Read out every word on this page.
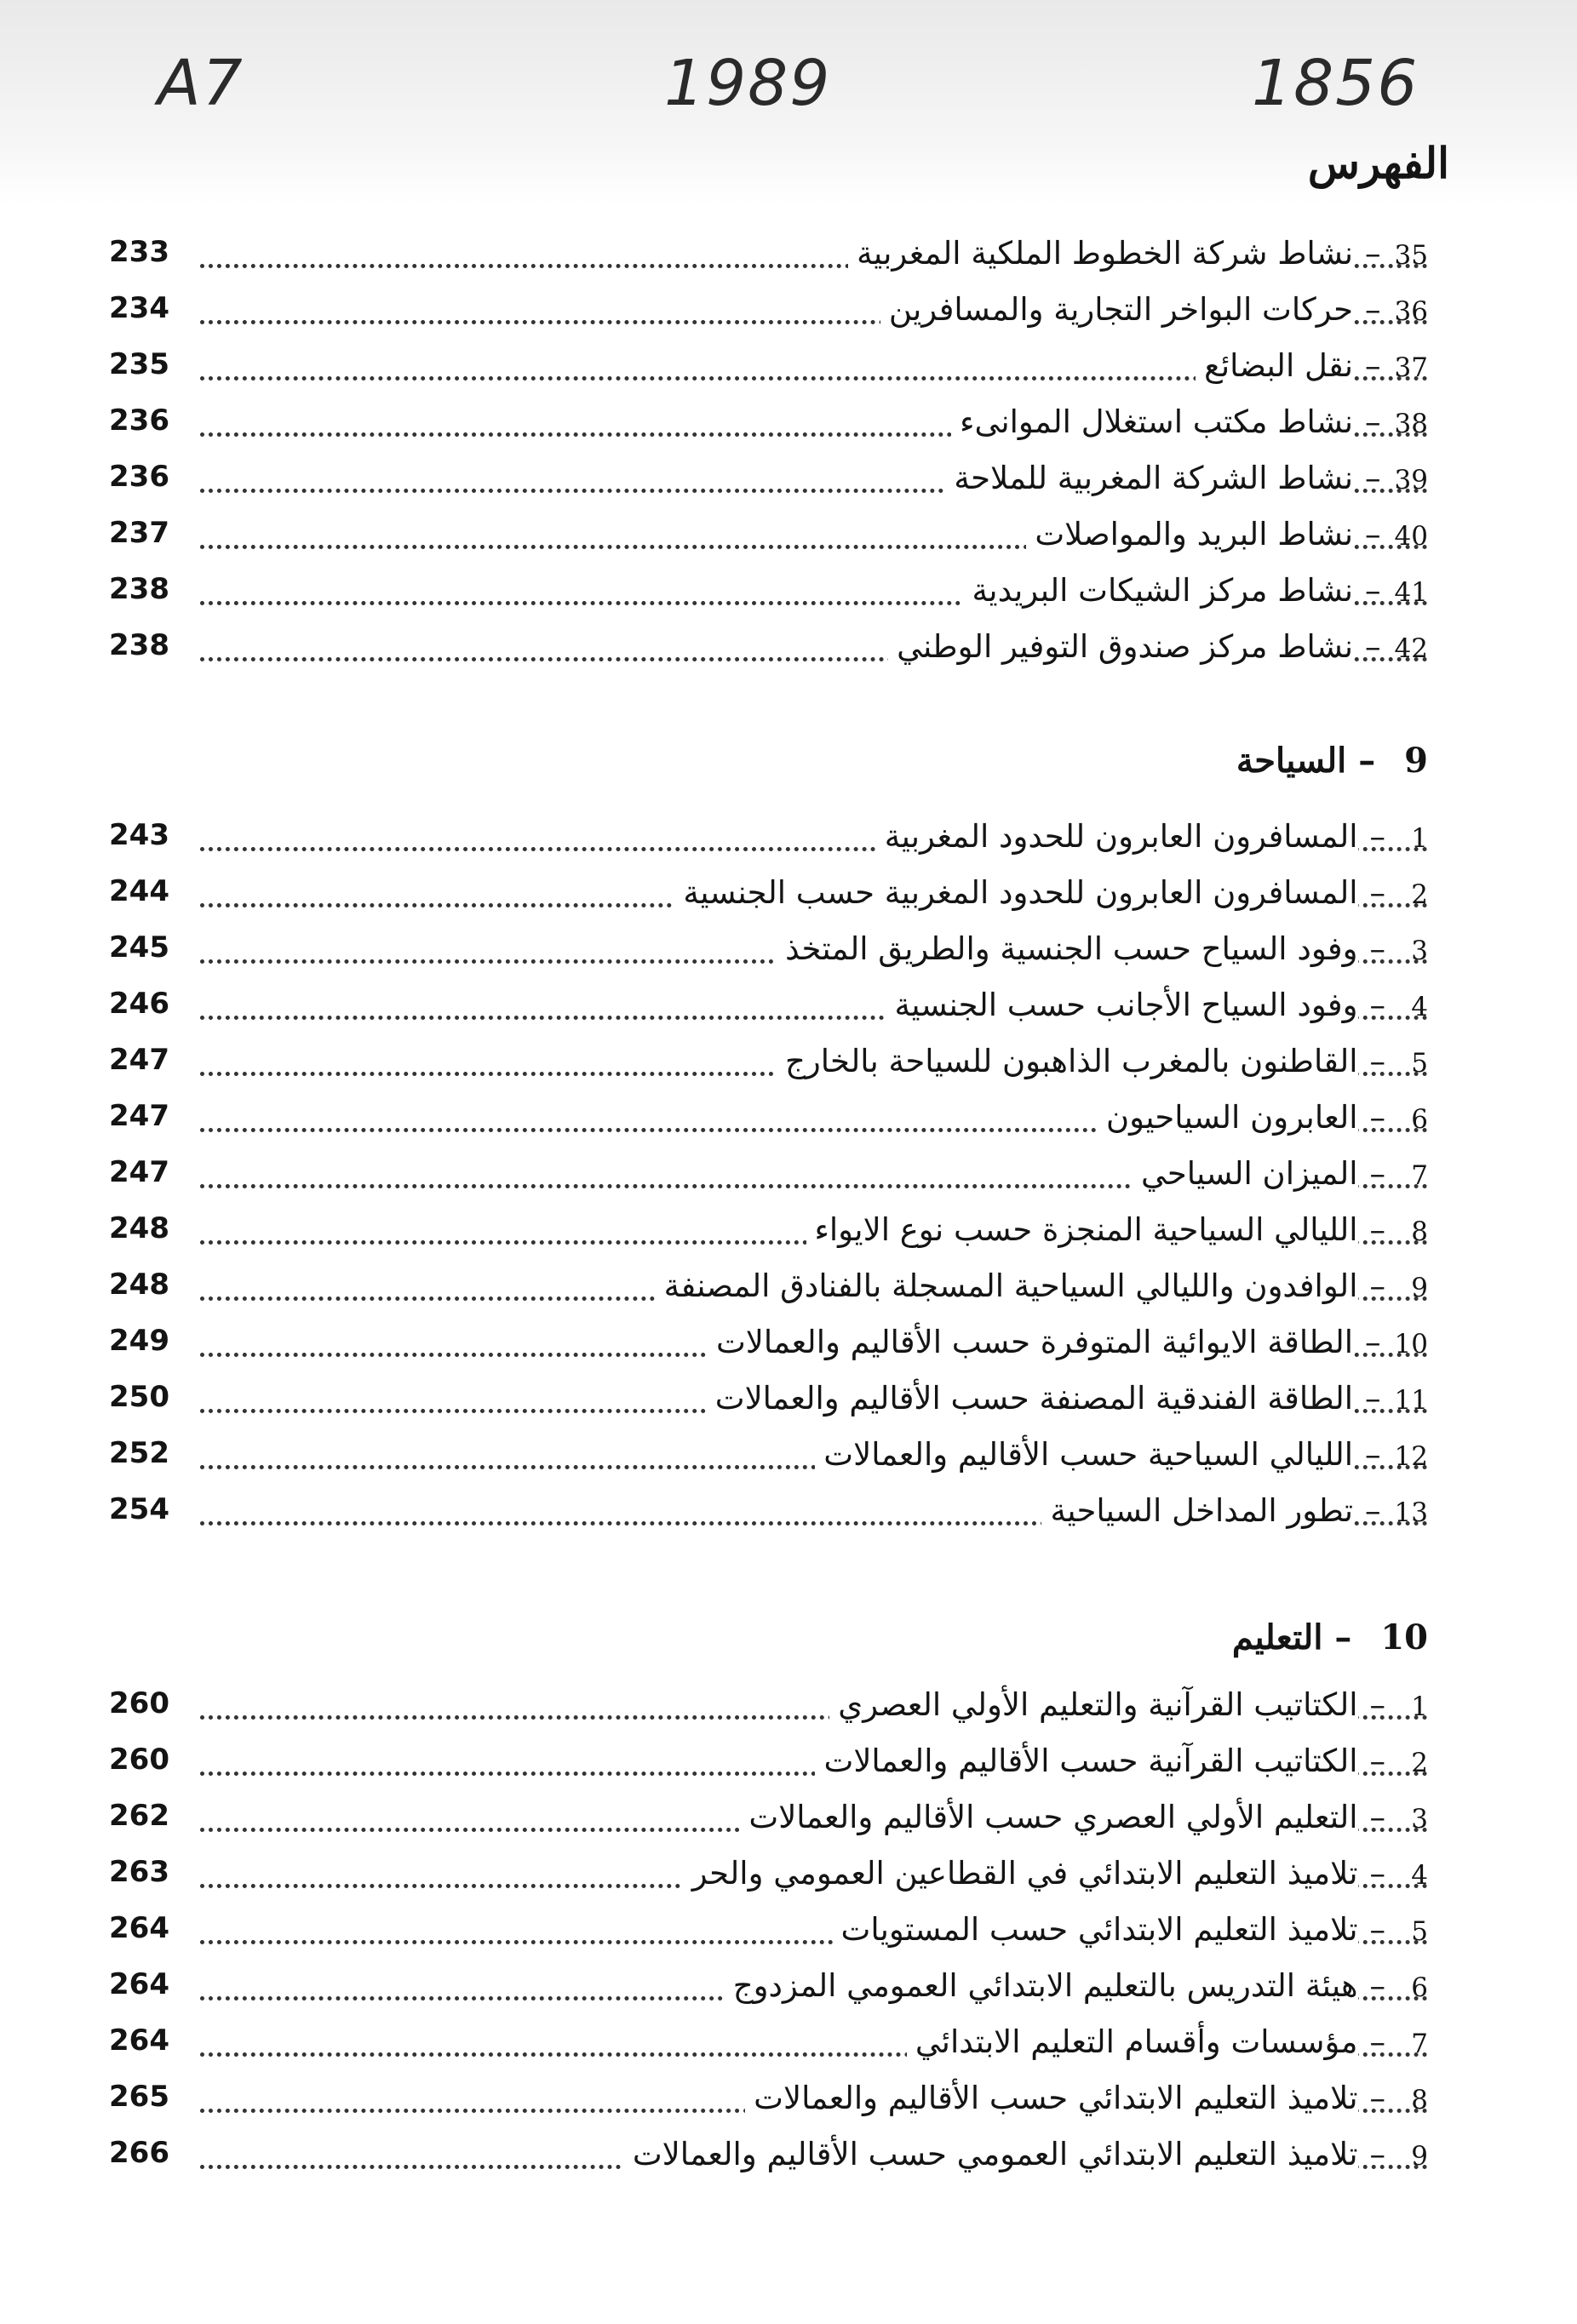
A7	1989	1856
الفهرس
35
–
نشاط شركة الخطوط الملكية المغربية
233
36
–
حركات البواخر التجارية والمسافرين
234
37
–
نقل البضائع
235
38
–
نشاط مكتب استغلال الموانىء
236
39
–
نشاط الشركة المغربية للملاحة
236
40
–
نشاط البريد والمواصلات
237
41
–
نشاط مركز الشيكات البريدية
238
42
–
نشاط مركز صندوق التوفير الوطني
238
9 – السياحة
1
–
المسافرون العابرون للحدود المغربية
243
2
–
المسافرون العابرون للحدود المغربية حسب الجنسية
244
3
–
وفود السياح حسب الجنسية والطريق المتخذ
245
4
–
وفود السياح الأجانب حسب الجنسية
246
5
–
القاطنون بالمغرب الذاهبون للسياحة بالخارج
247
6
–
العابرون السياحيون
247
7
–
الميزان السياحي
247
8
–
الليالي السياحية المنجزة حسب نوع الايواء
248
9
–
الوافدون والليالي السياحية المسجلة بالفنادق المصنفة
248
10
–
الطاقة الايوائية المتوفرة حسب الأقاليم والعمالات
249
11
–
الطاقة الفندقية المصنفة حسب الأقاليم والعمالات
250
12
–
الليالي السياحية حسب الأقاليم والعمالات
252
13
–
تطور المداخل السياحية
254
10 – التعليم
1
–
الكتاتيب القرآنية والتعليم الأولي العصري
260
2
–
الكتاتيب القرآنية حسب الأقاليم والعمالات
260
3
–
التعليم الأولي العصري حسب الأقاليم والعمالات
262
4
–
تلاميذ التعليم الابتدائي في القطاعين العمومي والحر
263
5
–
تلاميذ التعليم الابتدائي حسب المستويات
264
6
–
هيئة التدريس بالتعليم الابتدائي العمومي المزدوج
264
7
–
مؤسسات وأقسام التعليم الابتدائي
264
8
–
تلاميذ التعليم الابتدائي حسب الأقاليم والعمالات
265
9
–
تلاميذ التعليم الابتدائي العمومي حسب الأقاليم والعمالات
266
